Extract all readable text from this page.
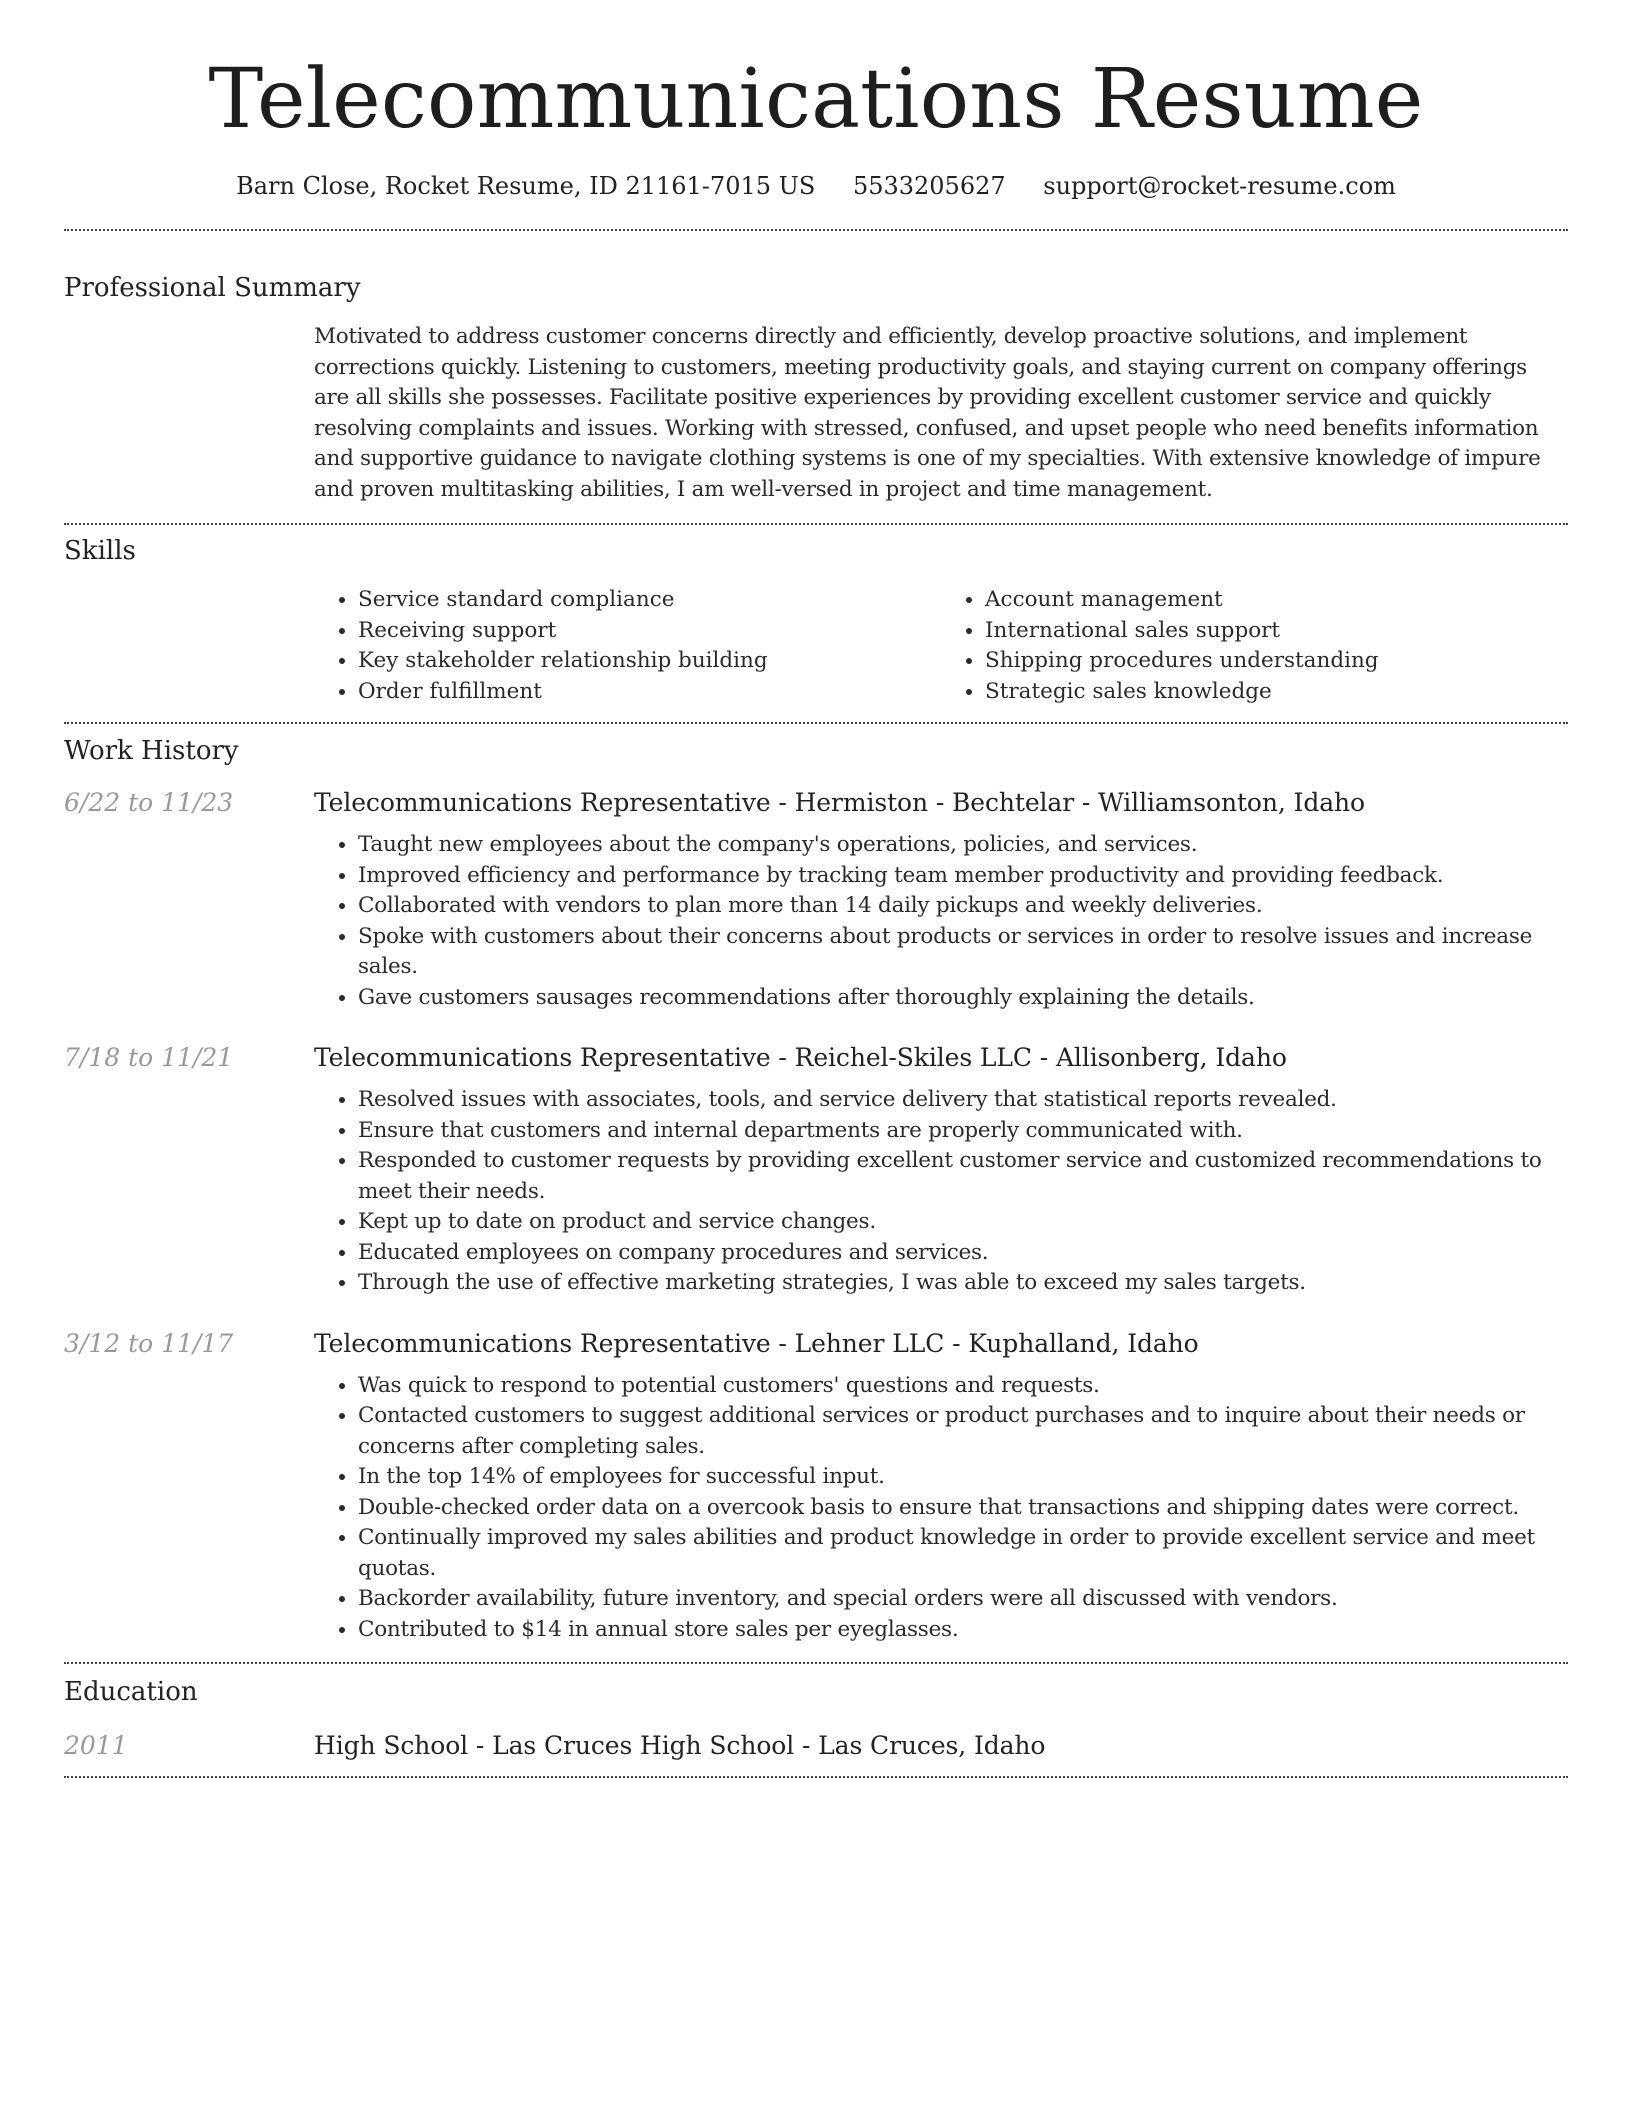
Telecommunications Resume
Barn Close, Rocket Resume, ID 21161-7015 US 5533205627 support@rocket-resume.com
Professional Summary
Motivated to address customer concerns directly and efficiently, develop proactive solutions, and implement corrections quickly. Listening to customers, meeting productivity goals, and staying current on company offerings are all skills she possesses. Facilitate positive experiences by providing excellent customer service and quickly resolving complaints and issues. Working with stressed, confused, and upset people who need benefits information and supportive guidance to navigate clothing systems is one of my specialties. With extensive knowledge of impure and proven multitasking abilities, I am well-versed in project and time management.
Skills
• Service standard compliance
• Receiving support
• Key stakeholder relationship building
• Order fulfillment
• Account management
• International sales support
• Shipping procedures understanding
• Strategic sales knowledge
Work History
6/22 to 11/23	Telecommunications Representative - Hermiston - Bechtelar - Williamsonton, Idaho
• Taught new employees about the company's operations, policies, and services.
• Improved efficiency and performance by tracking team member productivity and providing feedback.
• Collaborated with vendors to plan more than 14 daily pickups and weekly deliveries.
• Spoke with customers about their concerns about products or services in order to resolve issues and increase sales.
• Gave customers sausages recommendations after thoroughly explaining the details.
7/18 to 11/21	Telecommunications Representative - Reichel-Skiles LLC - Allisonberg, Idaho
• Resolved issues with associates, tools, and service delivery that statistical reports revealed.
• Ensure that customers and internal departments are properly communicated with.
• Responded to customer requests by providing excellent customer service and customized recommendations to meet their needs.
• Kept up to date on product and service changes.
• Educated employees on company procedures and services.
• Through the use of effective marketing strategies, I was able to exceed my sales targets.
3/12 to 11/17	Telecommunications Representative - Lehner LLC - Kuphalland, Idaho
• Was quick to respond to potential customers' questions and requests.
• Contacted customers to suggest additional services or product purchases and to inquire about their needs or concerns after completing sales.
• In the top 14% of employees for successful input.
• Double-checked order data on a overcook basis to ensure that transactions and shipping dates were correct.
• Continually improved my sales abilities and product knowledge in order to provide excellent service and meet quotas.
• Backorder availability, future inventory, and special orders were all discussed with vendors.
• Contributed to $14 in annual store sales per eyeglasses.
Education
2011	High School - Las Cruces High School - Las Cruces, Idaho
